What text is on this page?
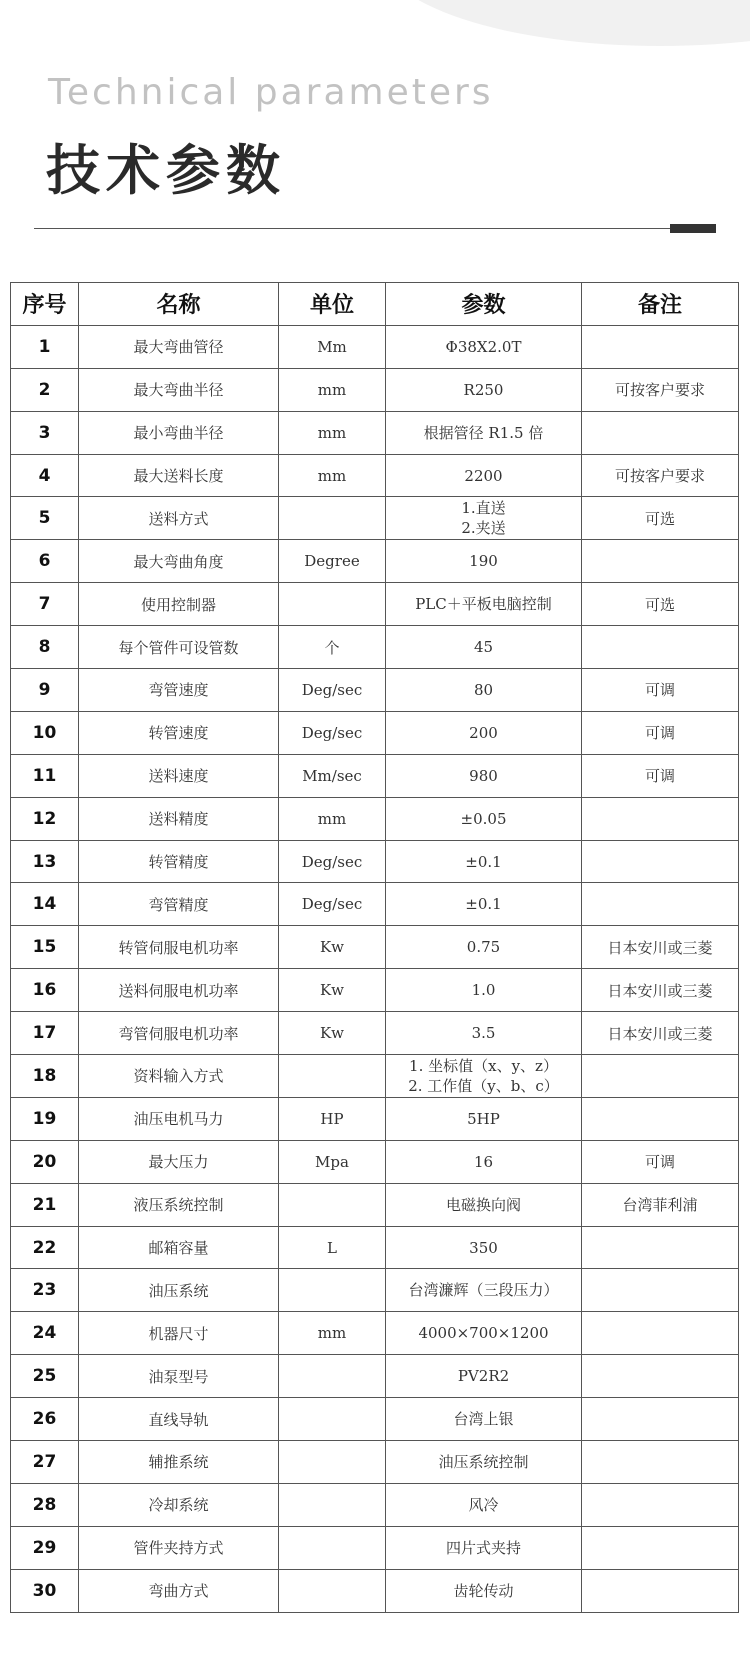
Technical parameters
技术参数
序号	名称	单位	参数	备注
1	最大弯曲管径	Mm	Φ38X2.0T	
2	最大弯曲半径	mm	R250	可按客户要求
3	最小弯曲半径	mm	根据管径 R1.5 倍	
4	最大送料长度	mm	2200	可按客户要求
5	送料方式		1.直送
2.夹送	可选
6	最大弯曲角度	Degree	190	
7	使用控制器		PLC＋平板电脑控制	可选
8	每个管件可设管数	个	45	
9	弯管速度	Deg/sec	80	可调
10	转管速度	Deg/sec	200	可调
11	送料速度	Mm/sec	980	可调
12	送料精度	mm	±0.05	
13	转管精度	Deg/sec	±0.1	
14	弯管精度	Deg/sec	±0.1	
15	转管伺服电机功率	Kw	0.75	日本安川或三菱
16	送料伺服电机功率	Kw	1.0	日本安川或三菱
17	弯管伺服电机功率	Kw	3.5	日本安川或三菱
18	资料输入方式		1. 坐标值（x、y、z）
2. 工作值（y、b、c）	

19	油压电机马力	HP	5HP	
20	最大压力	Mpa	16	可调
21	液压系统控制		电磁换向阀	台湾菲利浦
22	邮箱容量	L	350	
23	油压系统		台湾濂辉（三段压力）	
24	机器尺寸	mm	4000×700×1200	
25	油泵型号		PV2R2	
26	直线导轨		台湾上银	
27	辅推系统		油压系统控制	
28	冷却系统		风冷	
29	管件夹持方式		四片式夹持	
30	弯曲方式		齿轮传动	
